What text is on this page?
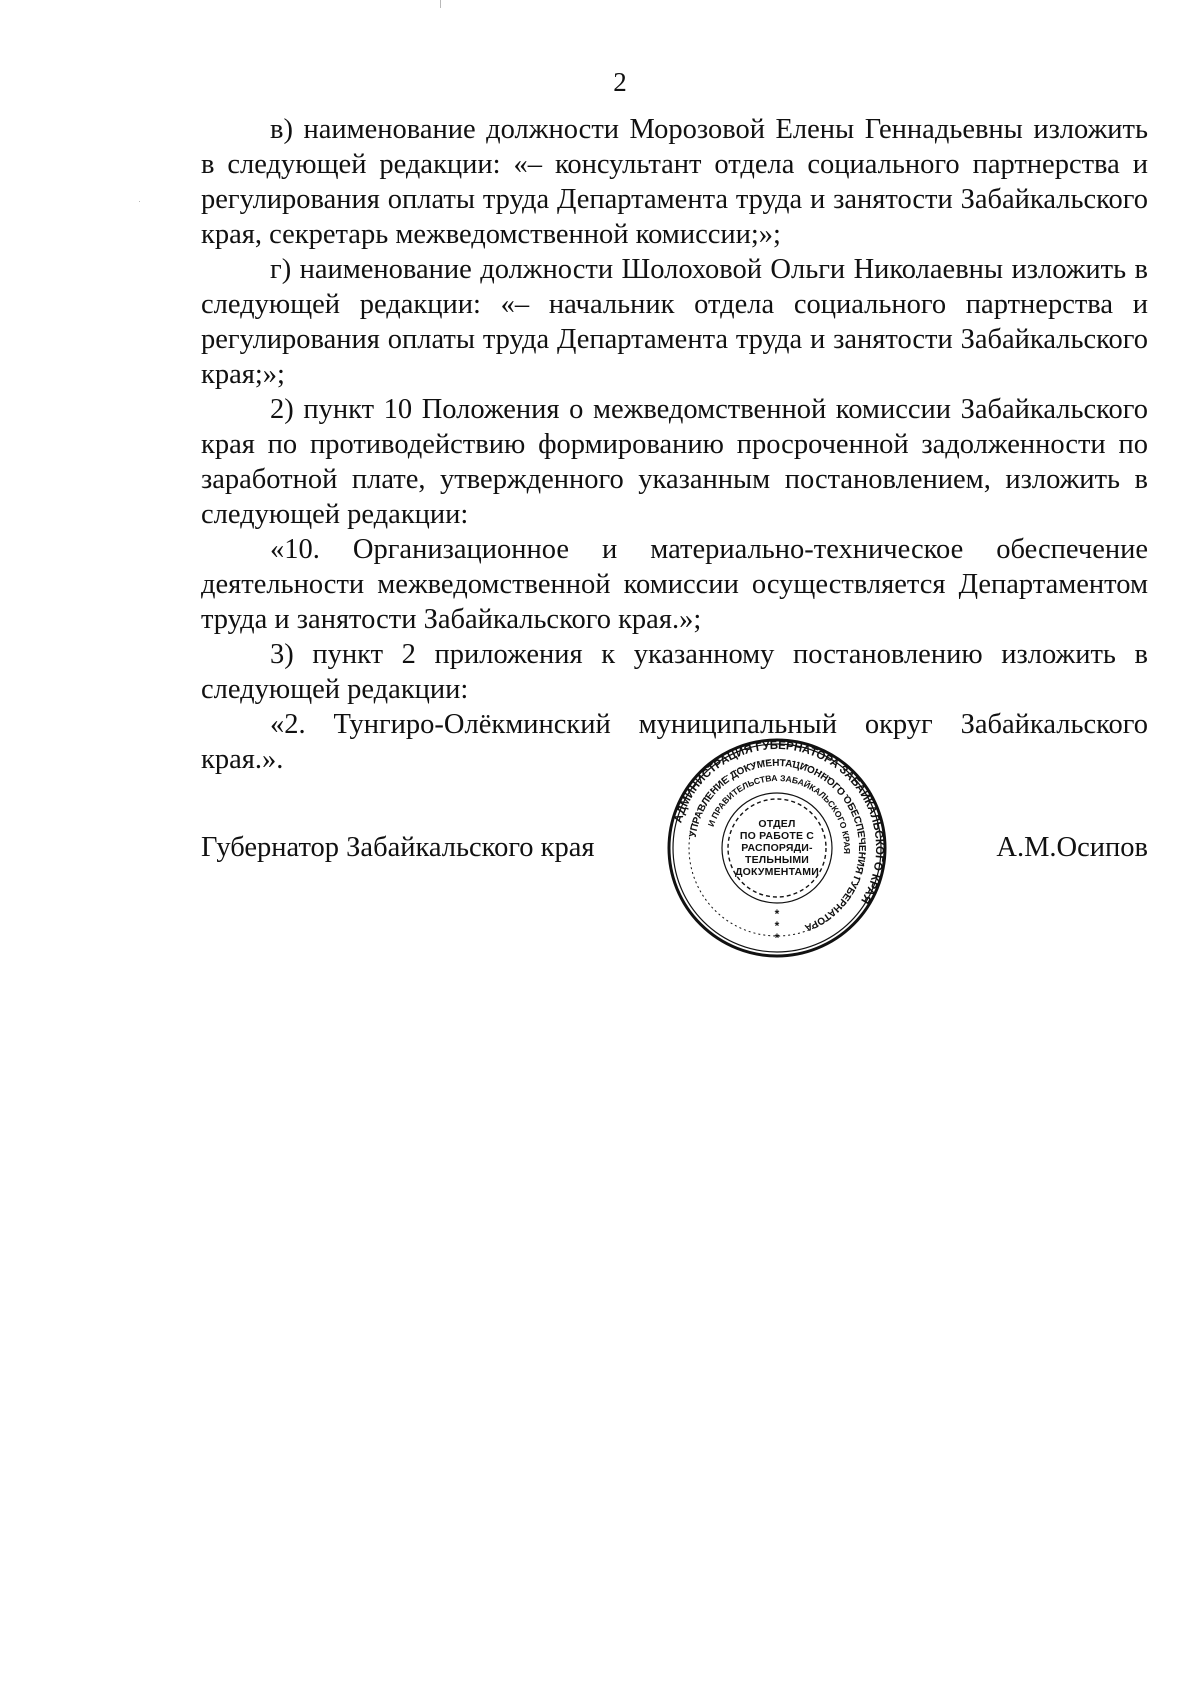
2

в) наименование должности Морозовой Елены Геннадьевны изложить в следующей редакции: «– консультант отдела социального партнерства и регулирования оплаты труда Департамента труда и занятости Забайкальского края, секретарь межведомственной комиссии;»;

г) наименование должности Шолоховой Ольги Николаевны изложить в следующей редакции: «– начальник отдела социального партнерства и регулирования оплаты труда Департамента труда и занятости Забайкальского края;»;

2) пункт 10 Положения о межведомственной комиссии Забайкальского края по противодействию формированию просроченной задолженности по заработной плате, утвержденного указанным постановлением, изложить в следующей редакции:

«10. Организационное и материально-техническое обеспечение деятельности межведомственной комиссии осуществляется Департаментом труда и занятости Забайкальского края.»;

3) пункт 2 приложения к указанному постановлению изложить в следующей редакции:

«2. Тунгиро-Олёкминский муниципальный округ Забайкальского края.».

Губернатор Забайкальского края	А.М.Осипов
АДМИНИСТРАЦИЯ ГУБЕРНАТОРА ЗАБАЙКАЛЬСКОГО КРАЯ
УПРАВЛЕНИЕ ДОКУМЕНТАЦИОННОГО ОБЕСПЕЧЕНИЯ ГУБЕРНАТОРА
И ПРАВИТЕЛЬСТВА ЗАБАЙКАЛЬСКОГО КРАЯ
*
*
*
ОТДЕЛ
ПО РАБОТЕ С
РАСПОРЯДИ-
ТЕЛЬНЫМИ
ДОКУМЕНТАМИ
